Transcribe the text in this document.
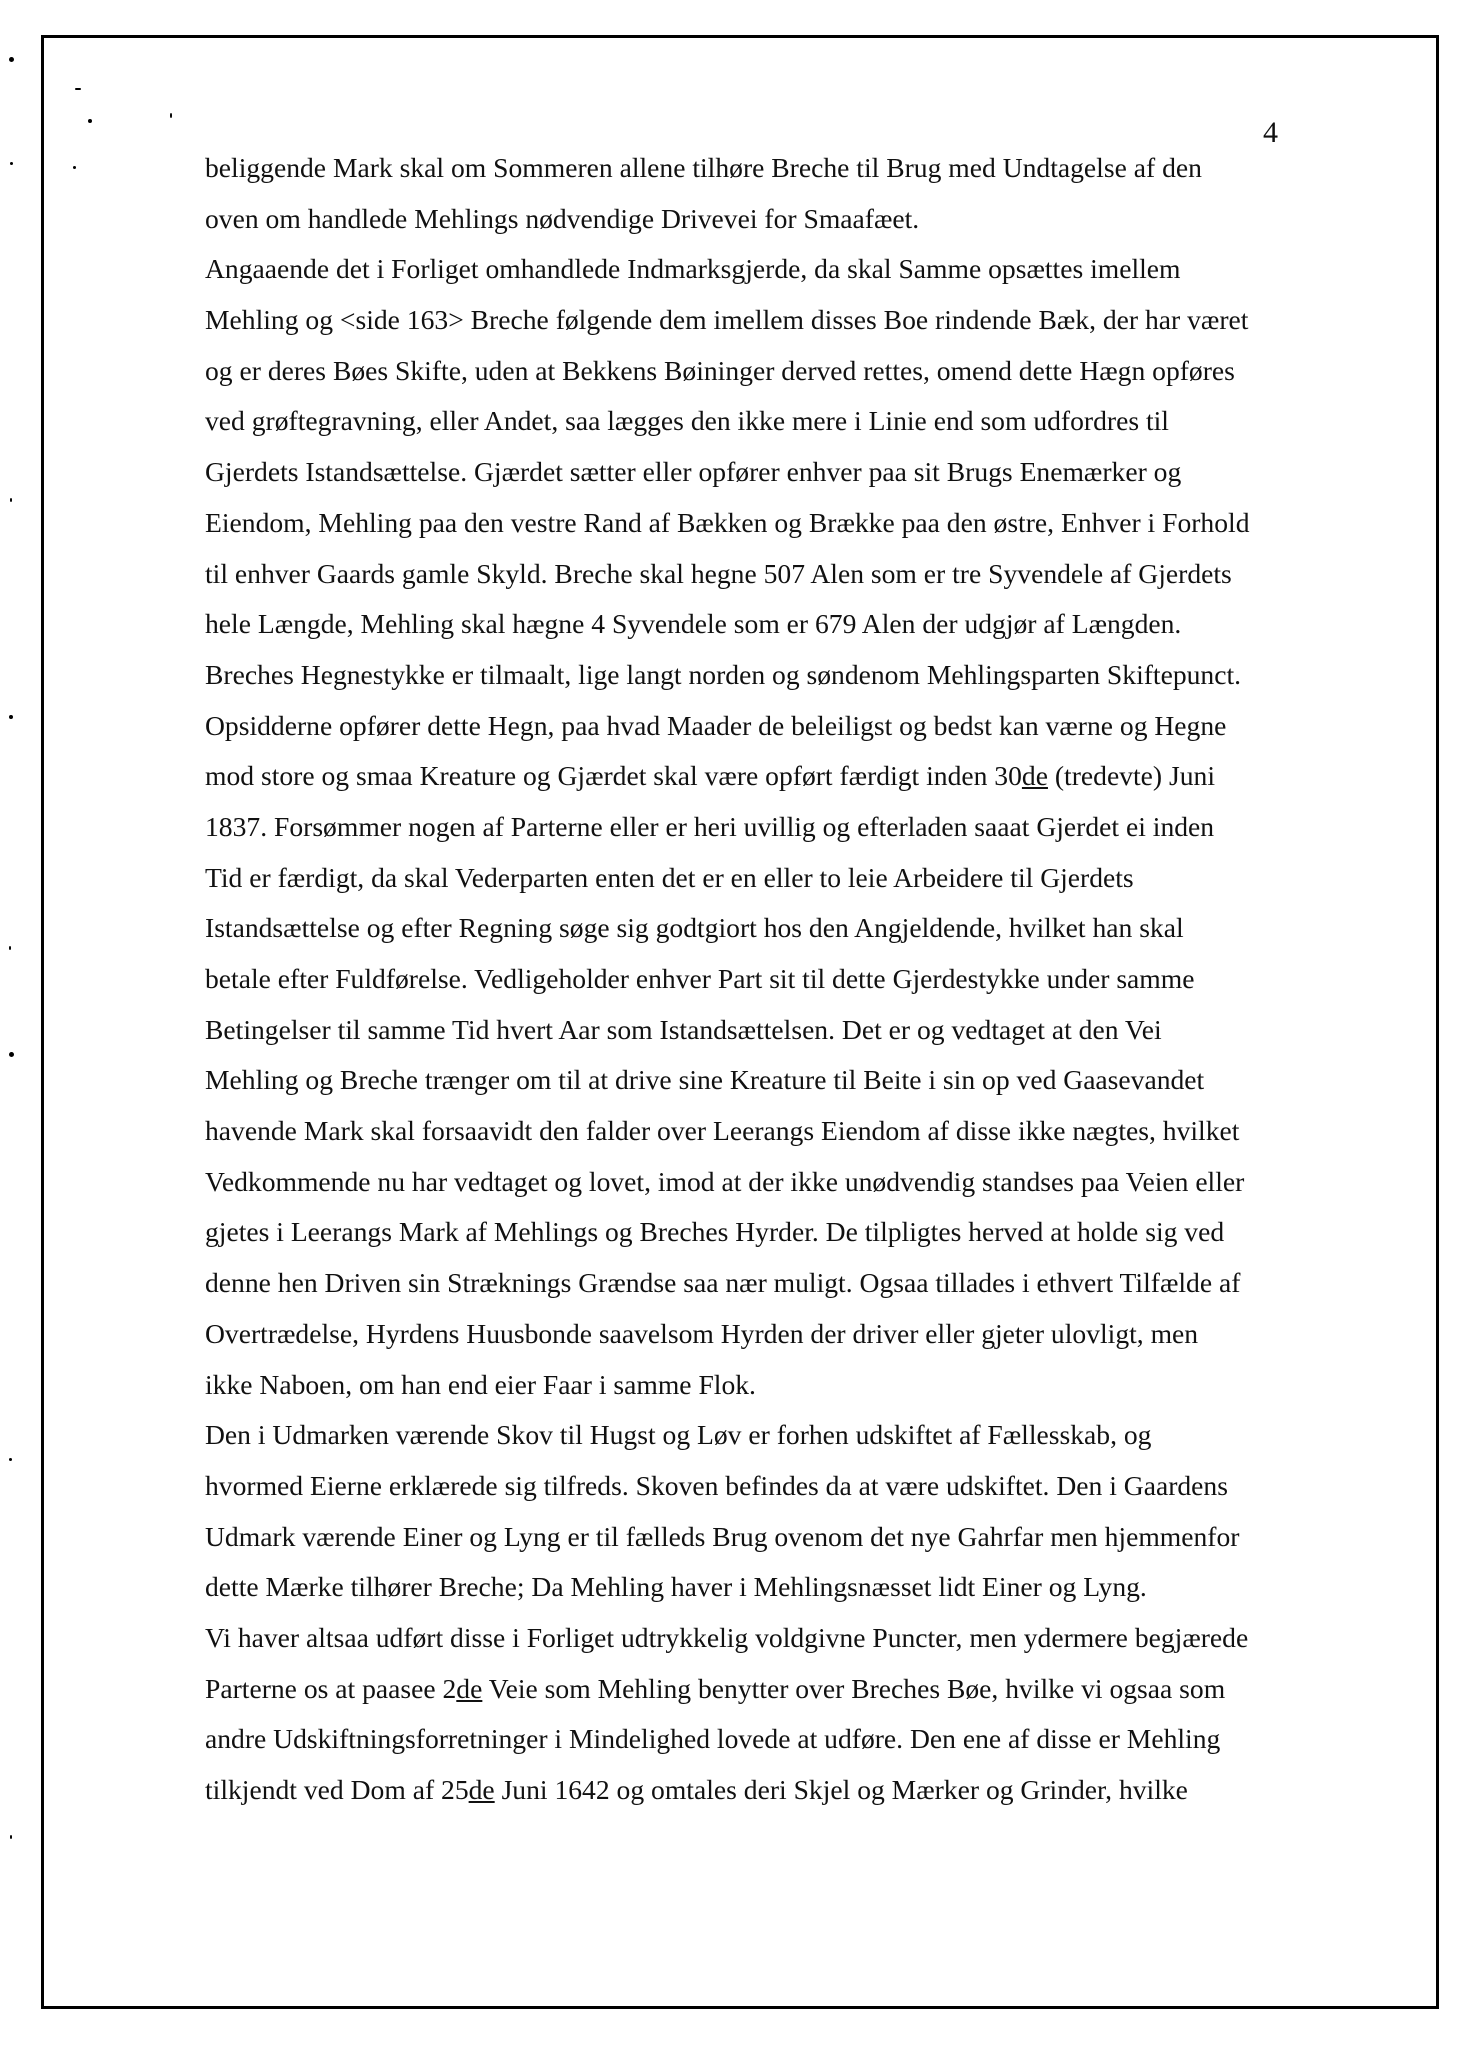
4
beliggende Mark skal om Sommeren allene tilhøre Breche til Brug med Undtagelse af den
oven om handlede Mehlings nødvendige Drivevei for Smaafæet.
Angaaende det i Forliget omhandlede Indmarksgjerde, da skal Samme opsættes imellem
Mehling og <side 163> Breche følgende dem imellem disses Boe rindende Bæk, der har været
og er deres Bøes Skifte, uden at Bekkens Bøininger derved rettes, omend dette Hægn opføres
ved grøftegravning, eller Andet, saa lægges den ikke mere i Linie end som udfordres til
Gjerdets Istandsættelse. Gjærdet sætter eller opfører enhver paa sit Brugs Enemærker og
Eiendom, Mehling paa den vestre Rand af Bækken og Brække paa den østre, Enhver i Forhold
til enhver Gaards gamle Skyld. Breche skal hegne 507 Alen som er tre Syvendele af Gjerdets
hele Længde, Mehling skal hægne 4 Syvendele som er 679 Alen der udgjør af Længden.
Breches Hegnestykke er tilmaalt, lige langt norden og søndenom Mehlingsparten Skiftepunct.
Opsidderne opfører dette Hegn, paa hvad Maader de beleiligst og bedst kan værne og Hegne
mod store og smaa Kreature og Gjærdet skal være opført færdigt inden 30de (tredevte) Juni
1837. Forsømmer nogen af Parterne eller er heri uvillig og efterladen saaat Gjerdet ei inden
Tid er færdigt, da skal Vederparten enten det er en eller to leie Arbeidere til Gjerdets
Istandsættelse og efter Regning søge sig godtgiort hos den Angjeldende, hvilket han skal
betale efter Fuldførelse. Vedligeholder enhver Part sit til dette Gjerdestykke under samme
Betingelser til samme Tid hvert Aar som Istandsættelsen. Det er og vedtaget at den Vei
Mehling og Breche trænger om til at drive sine Kreature til Beite i sin op ved Gaasevandet
havende Mark skal forsaavidt den falder over Leerangs Eiendom af disse ikke nægtes, hvilket
Vedkommende nu har vedtaget og lovet, imod at der ikke unødvendig standses paa Veien eller
gjetes i Leerangs Mark af Mehlings og Breches Hyrder. De tilpligtes herved at holde sig ved
denne hen Driven sin Stræknings Grændse saa nær muligt. Ogsaa tillades i ethvert Tilfælde af
Overtrædelse, Hyrdens Huusbonde saavelsom Hyrden der driver eller gjeter ulovligt, men
ikke Naboen, om han end eier Faar i samme Flok.
Den i Udmarken værende Skov til Hugst og Løv er forhen udskiftet af Fællesskab, og
hvormed Eierne erklærede sig tilfreds. Skoven befindes da at være udskiftet. Den i Gaardens
Udmark værende Einer og Lyng er til fælleds Brug ovenom det nye Gahrfar men hjemmenfor
dette Mærke tilhører Breche; Da Mehling haver i Mehlingsnæsset lidt Einer og Lyng.
Vi haver altsaa udført disse i Forliget udtrykkelig voldgivne Puncter, men ydermere begjærede
Parterne os at paasee 2de Veie som Mehling benytter over Breches Bøe, hvilke vi ogsaa som
andre Udskiftningsforretninger i Mindelighed lovede at udføre. Den ene af disse er Mehling
tilkjendt ved Dom af 25de Juni 1642 og omtales deri Skjel og Mærker og Grinder, hvilke
